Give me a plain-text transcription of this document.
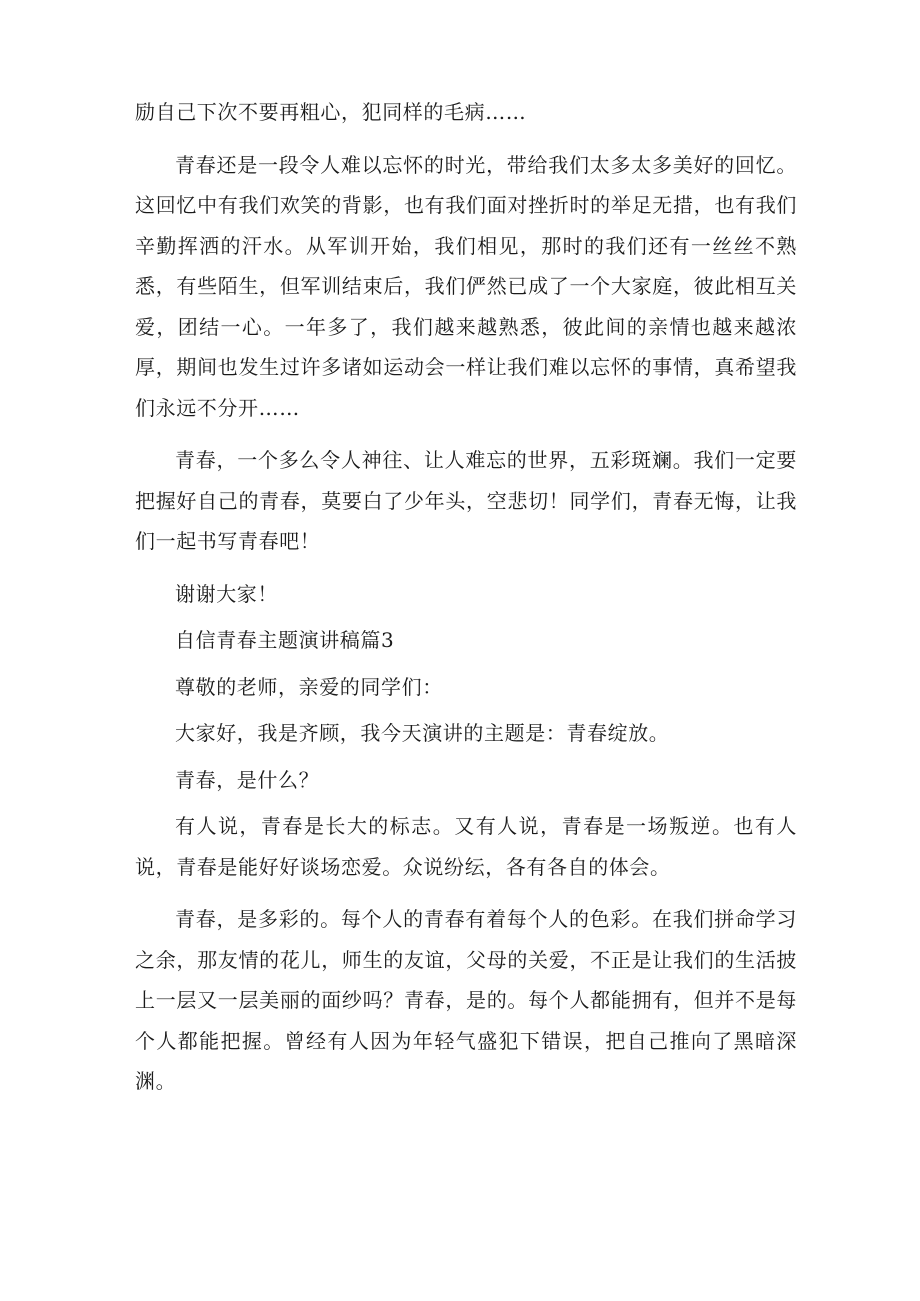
励自己下次不要再粗心，犯同样的毛病……

青春还是一段令人难以忘怀的时光，带给我们太多太多美好的回忆。这回忆中有我们欢笑的背影，也有我们面对挫折时的举足无措，也有我们辛勤挥洒的汗水。从军训开始，我们相见，那时的我们还有一丝丝不熟悉，有些陌生，但军训结束后，我们俨然已成了一个大家庭，彼此相互关爱，团结一心。一年多了，我们越来越熟悉，彼此间的亲情也越来越浓厚，期间也发生过许多诸如运动会一样让我们难以忘怀的事情，真希望我们永远不分开……

青春，一个多么令人神往、让人难忘的世界，五彩斑斓。我们一定要把握好自己的青春，莫要白了少年头，空悲切！同学们，青春无悔，让我们一起书写青春吧！

谢谢大家！

自信青春主题演讲稿篇3

尊敬的老师，亲爱的同学们：

大家好，我是齐顾，我今天演讲的主题是：青春绽放。

青春，是什么？

有人说，青春是长大的标志。又有人说，青春是一场叛逆。也有人说，青春是能好好谈场恋爱。众说纷纭，各有各自的体会。

青春，是多彩的。每个人的青春有着每个人的色彩。在我们拼命学习之余，那友情的花儿，师生的友谊，父母的关爱，不正是让我们的生活披上一层又一层美丽的面纱吗？青春，是的。每个人都能拥有，但并不是每个人都能把握。曾经有人因为年轻气盛犯下错误，把自己推向了黑暗深渊。
